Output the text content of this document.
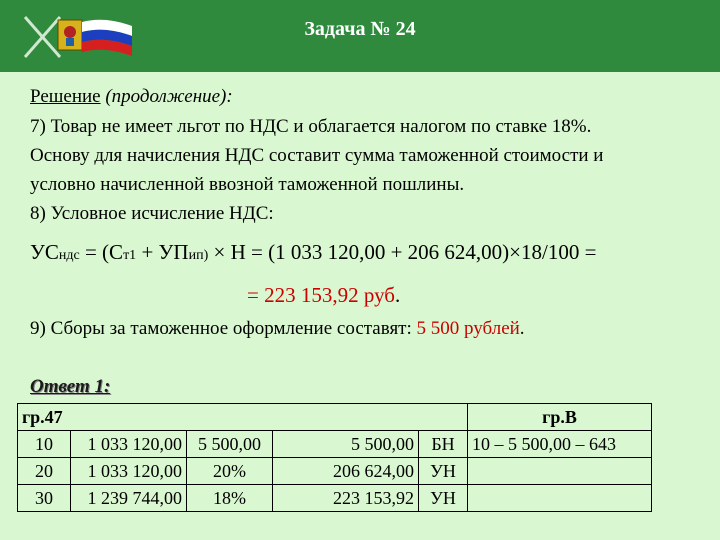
Задача № 24
Решение (продолжение):
7) Товар не имеет льгот по НДС и облагается налогом по ставке 18%.
Основу для начисления НДС составит сумма таможенной стоимости и
условно начисленной ввозной таможенной пошлины.
8) Условное исчисление НДС:
УСндс = (Ст1 + УПип) × Н = (1 033 120,00 + 206 624,00)×18/100 =
= 223 153,92 руб.
9) Сборы за таможенное оформление составят: 5 500 рублей.
Ответ 1:
гр.47					гр.В
10	1 033 120,00	5 500,00	5 500,00	БН	10 – 5 500,00 – 643
20	1 033 120,00	20%	206 624,00	УН	
30	1 239 744,00	18%	223 153,92	УН	
